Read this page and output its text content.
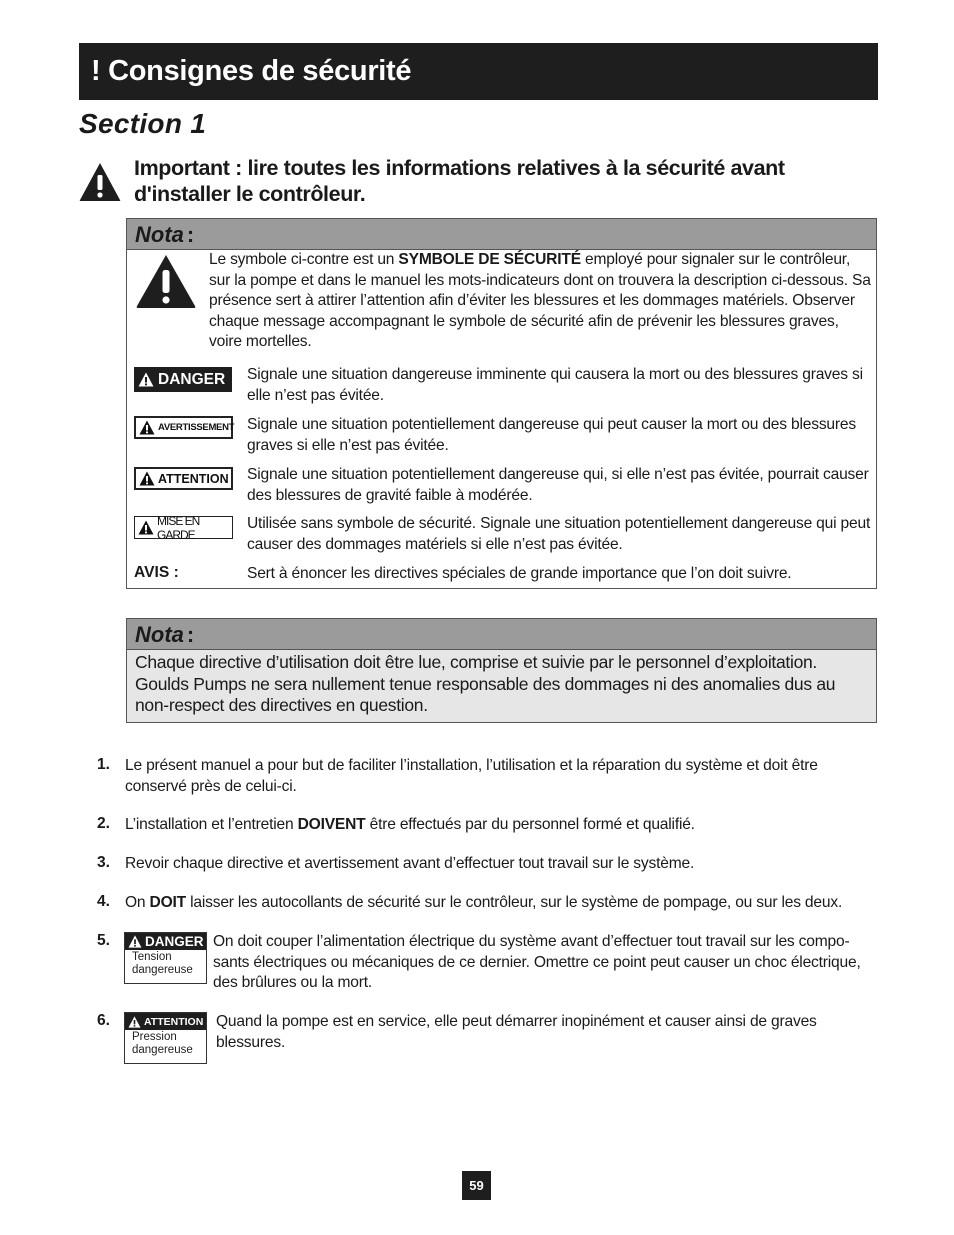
! Consignes de sécurité
Section 1
Important : lire toutes les informations relatives à la sécurité avant d'installer le contrôleur.
Nota :
Le symbole ci-contre est un SYMBOLE DE SÉCURITÉ employé pour signaler sur le contrôleur, sur la pompe et dans le manuel les mots-indicateurs dont on trouvera la description ci-dessous. Sa présence sert à attirer l’attention afin d’éviter les blessures et les dommages matériels. Observer chaque message accompagnant le symbole de sécurité afin de prévenir les blessures graves, voire mortelles.
DANGER Signale une situation dangereuse imminente qui causera la mort ou des blessures graves si elle n’est pas évitée.
AVERTISSEMENT Signale une situation potentiellement dangereuse qui peut causer la mort ou des blessures graves si elle n’est pas évitée.
ATTENTION Signale une situation potentiellement dangereuse qui, si elle n’est pas évitée, pourrait causer des blessures de gravité faible à modérée.
MISE EN GARDE
Utilisée sans symbole de sécurité. Signale une situation potentiellement dangereuse qui peut causer des dommages matériels si elle n’est pas évitée.
AVIS :	Sert à énoncer les directives spéciales de grande importance que l’on doit suivre.
Nota :
Chaque directive d’utilisation doit être lue, comprise et suivie par le personnel d’exploitation. Goulds Pumps ne sera nullement tenue responsable des dommages ni des anomalies dus au non-respect des directives en question.
1. Le présent manuel a pour but de faciliter l’installation, l’utilisation et la réparation du système et doit être conservé près de celui-ci.
2. L’installation et l’entretien DOIVENT être effectués par du personnel formé et qualifié.
3. Revoir chaque directive et avertissement avant d’effectuer tout travail sur le système.
4. On DOIT laisser les autocollants de sécurité sur le contrôleur, sur le système de pompage, ou sur les deux.
5.	DANGER
Tension
dangereuse
On doit couper l’alimentation électrique du système avant d’effectuer tout travail sur les compo-sants électriques ou mécaniques de ce dernier. Omettre ce point peut causer un choc électrique, des brûlures ou la mort.
6.	ATTENTION
Pression
dangereuse
Quand la pompe est en service, elle peut démarrer inopinément et causer ainsi de graves blessures.
59
